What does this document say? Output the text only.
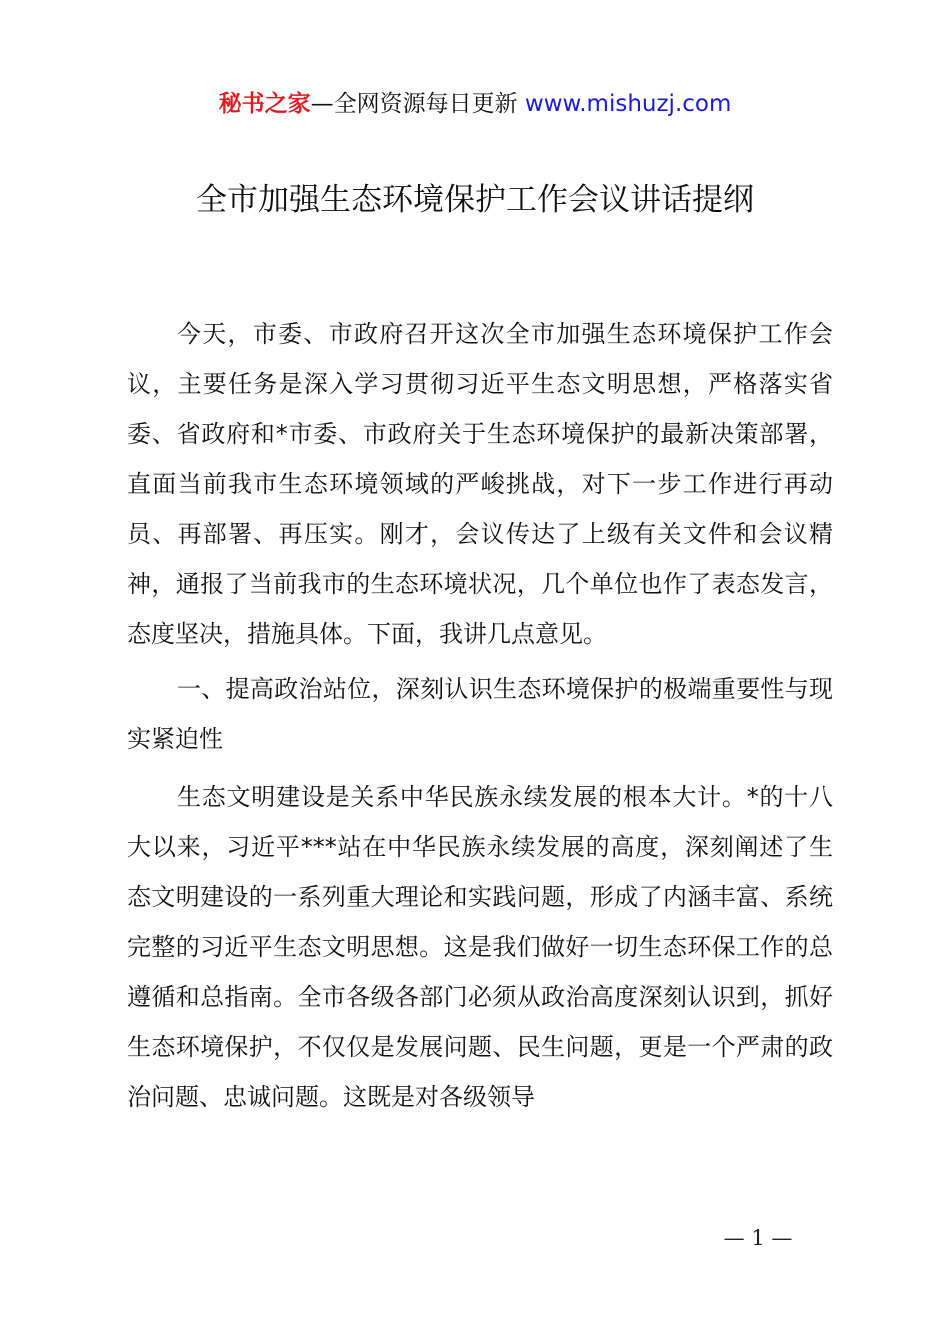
秘书之家—全网资源每日更新 www.mishuzj.com
全市加强生态环境保护工作会议讲话提纲

今天，市委、市政府召开这次全市加强生态环境保护工作会议，主要任务是深入学习贯彻习近平生态文明思想，严格落实省委、省政府和*市委、市政府关于生态环境保护的最新决策部署，直面当前我市生态环境领域的严峻挑战，对下一步工作进行再动员、再部署、再压实。刚才，会议传达了上级有关文件和会议精神，通报了当前我市的生态环境状况，几个单位也作了表态发言，态度坚决，措施具体。下面，我讲几点意见。

一、提高政治站位，深刻认识生态环境保护的极端重要性与现实紧迫性

生态文明建设是关系中华民族永续发展的根本大计。*的十八大以来，习近平***站在中华民族永续发展的高度，深刻阐述了生态文明建设的一系列重大理论和实践问题，形成了内涵丰富、系统完整的习近平生态文明思想。这是我们做好一切生态环保工作的总遵循和总指南。全市各级各部门必须从政治高度深刻认识到，抓好生态环境保护，不仅仅是发展问题、民生问题，更是一个严肃的政治问题、忠诚问题。这既是对各级领导

— 1 —
